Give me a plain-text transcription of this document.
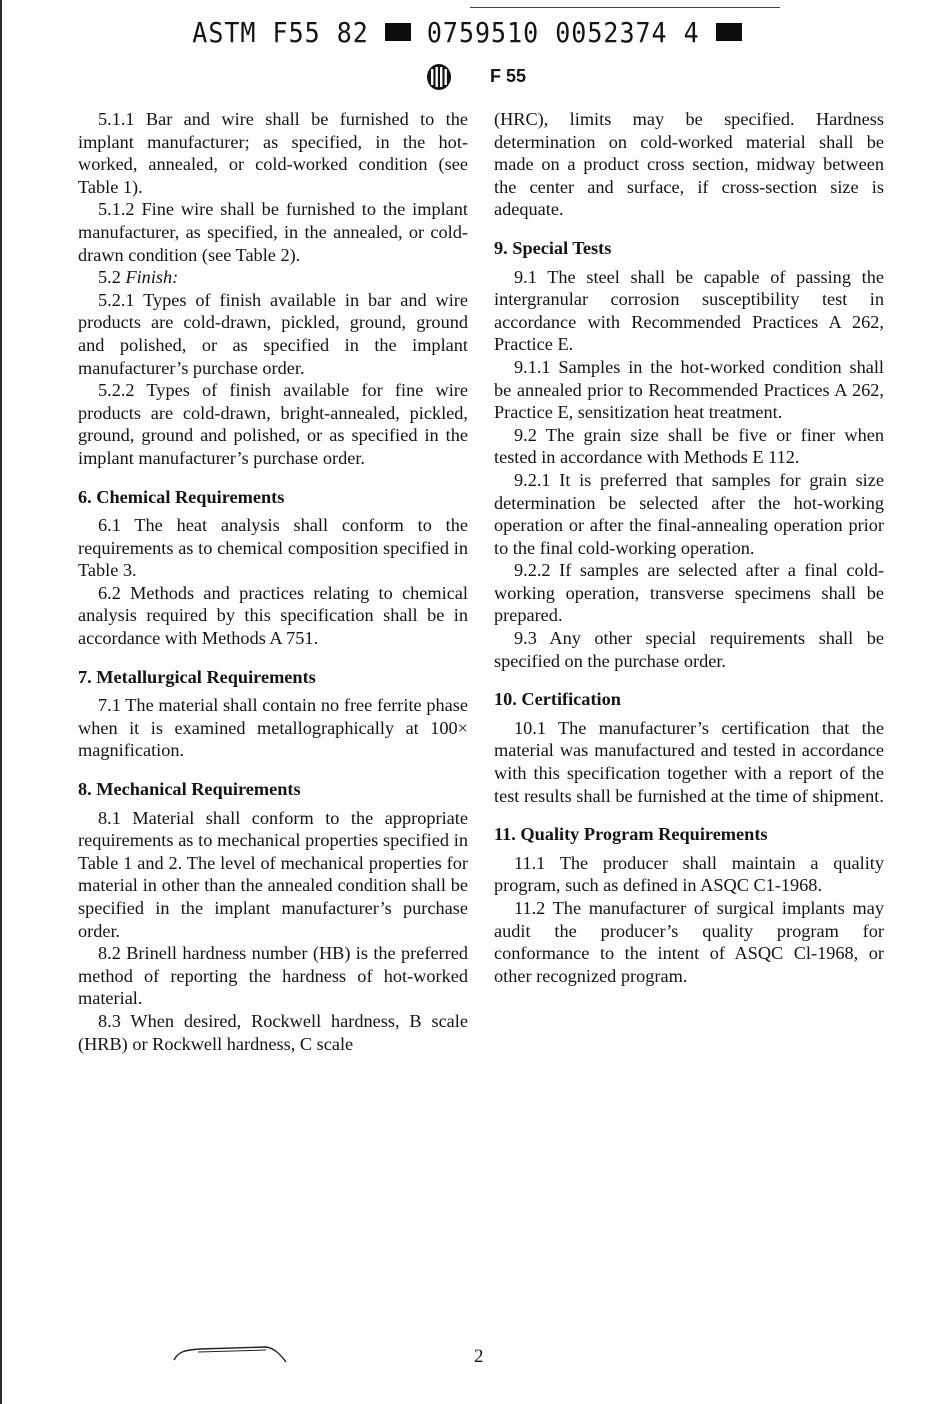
ASTM F55 82 0759510 0052374 4
F 55

5.1.1 Bar and wire shall be furnished to the implant manufacturer; as specified, in the hot-worked, annealed, or cold-worked condition (see Table 1).

5.1.2 Fine wire shall be furnished to the implant manufacturer, as specified, in the annealed, or cold-drawn condition (see Table 2).

5.2 Finish:

5.2.1 Types of finish available in bar and wire products are cold-drawn, pickled, ground, ground and polished, or as specified in the implant manufacturer’s purchase order.

5.2.2 Types of finish available for fine wire products are cold-drawn, bright-annealed, pickled, ground, ground and polished, or as specified in the implant manufacturer’s purchase order.

6. Chemical Requirements

6.1 The heat analysis shall conform to the requirements as to chemical composition specified in Table 3.

6.2 Methods and practices relating to chemical analysis required by this specification shall be in accordance with Methods A 751.

7. Metallurgical Requirements

7.1 The material shall contain no free ferrite phase when it is examined metallographically at 100× magnification.

8. Mechanical Requirements

8.1 Material shall conform to the appropriate requirements as to mechanical properties specified in Table 1 and 2. The level of mechanical properties for material in other than the annealed condition shall be specified in the implant manufacturer’s purchase order.

8.2 Brinell hardness number (HB) is the preferred method of reporting the hardness of hot-worked material.

8.3 When desired, Rockwell hardness, B scale (HRB) or Rockwell hardness, C scale

(HRC), limits may be specified. Hardness determination on cold-worked material shall be made on a product cross section, midway between the center and surface, if cross-section size is adequate.

9. Special Tests

9.1 The steel shall be capable of passing the intergranular corrosion susceptibility test in accordance with Recommended Practices A 262, Practice E.

9.1.1 Samples in the hot-worked condition shall be annealed prior to Recommended Practices A 262, Practice E, sensitization heat treatment.

9.2 The grain size shall be five or finer when tested in accordance with Methods E 112.

9.2.1 It is preferred that samples for grain size determination be selected after the hot-working operation or after the final-annealing operation prior to the final cold-working operation.

9.2.2 If samples are selected after a final cold-working operation, transverse specimens shall be prepared.

9.3 Any other special requirements shall be specified on the purchase order.

10. Certification

10.1 The manufacturer’s certification that the material was manufactured and tested in accordance with this specification together with a report of the test results shall be furnished at the time of shipment.

11. Quality Program Requirements

11.1 The producer shall maintain a quality program, such as defined in ASQC C1-1968.

11.2 The manufacturer of surgical implants may audit the producer’s quality program for conformance to the intent of ASQC Cl-1968, or other recognized program.

2
